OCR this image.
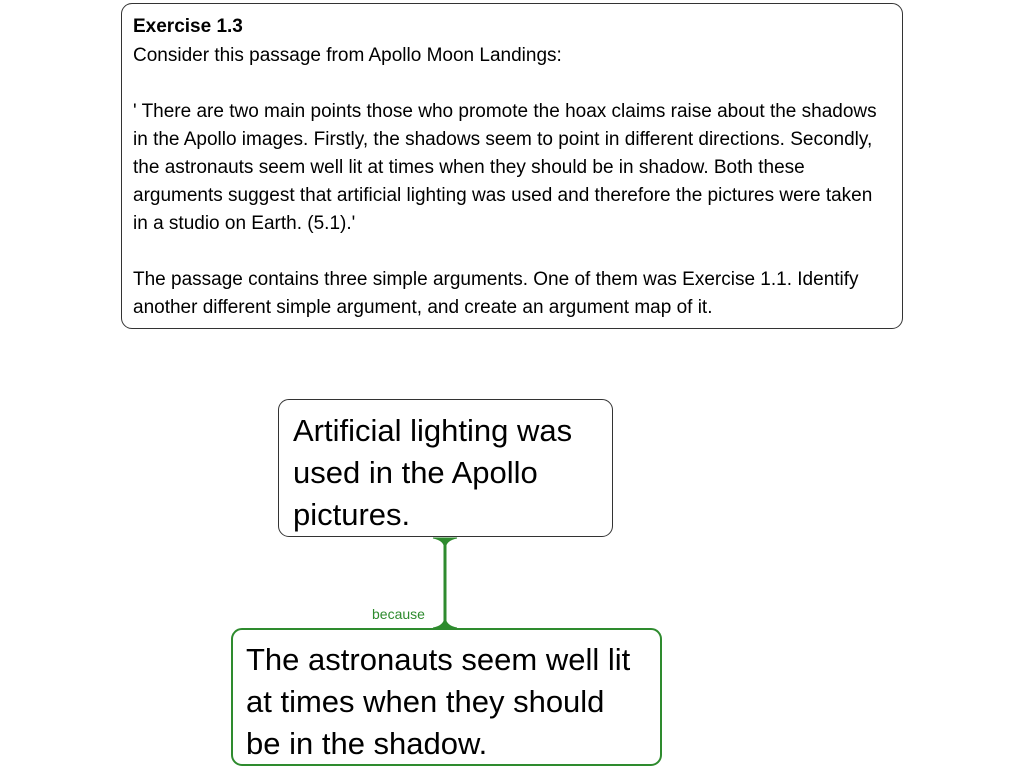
Exercise 1.3

Consider this passage from Apollo Moon Landings:

' There are two main points those who promote the hoax claims raise about the shadows in the Apollo images. Firstly, the shadows seem to point in different directions. Secondly, the astronauts seem well lit at times when they should be in shadow. Both these arguments suggest that artificial lighting was used and therefore the pictures were taken in a studio on Earth. (5.1).'

The passage contains three simple arguments. One of them was Exercise 1.1. Identify another different simple argument, and create an argument map of it.

Artificial lighting was used in the Apollo pictures.
because
The astronauts seem well lit at times when they should be in the shadow.
